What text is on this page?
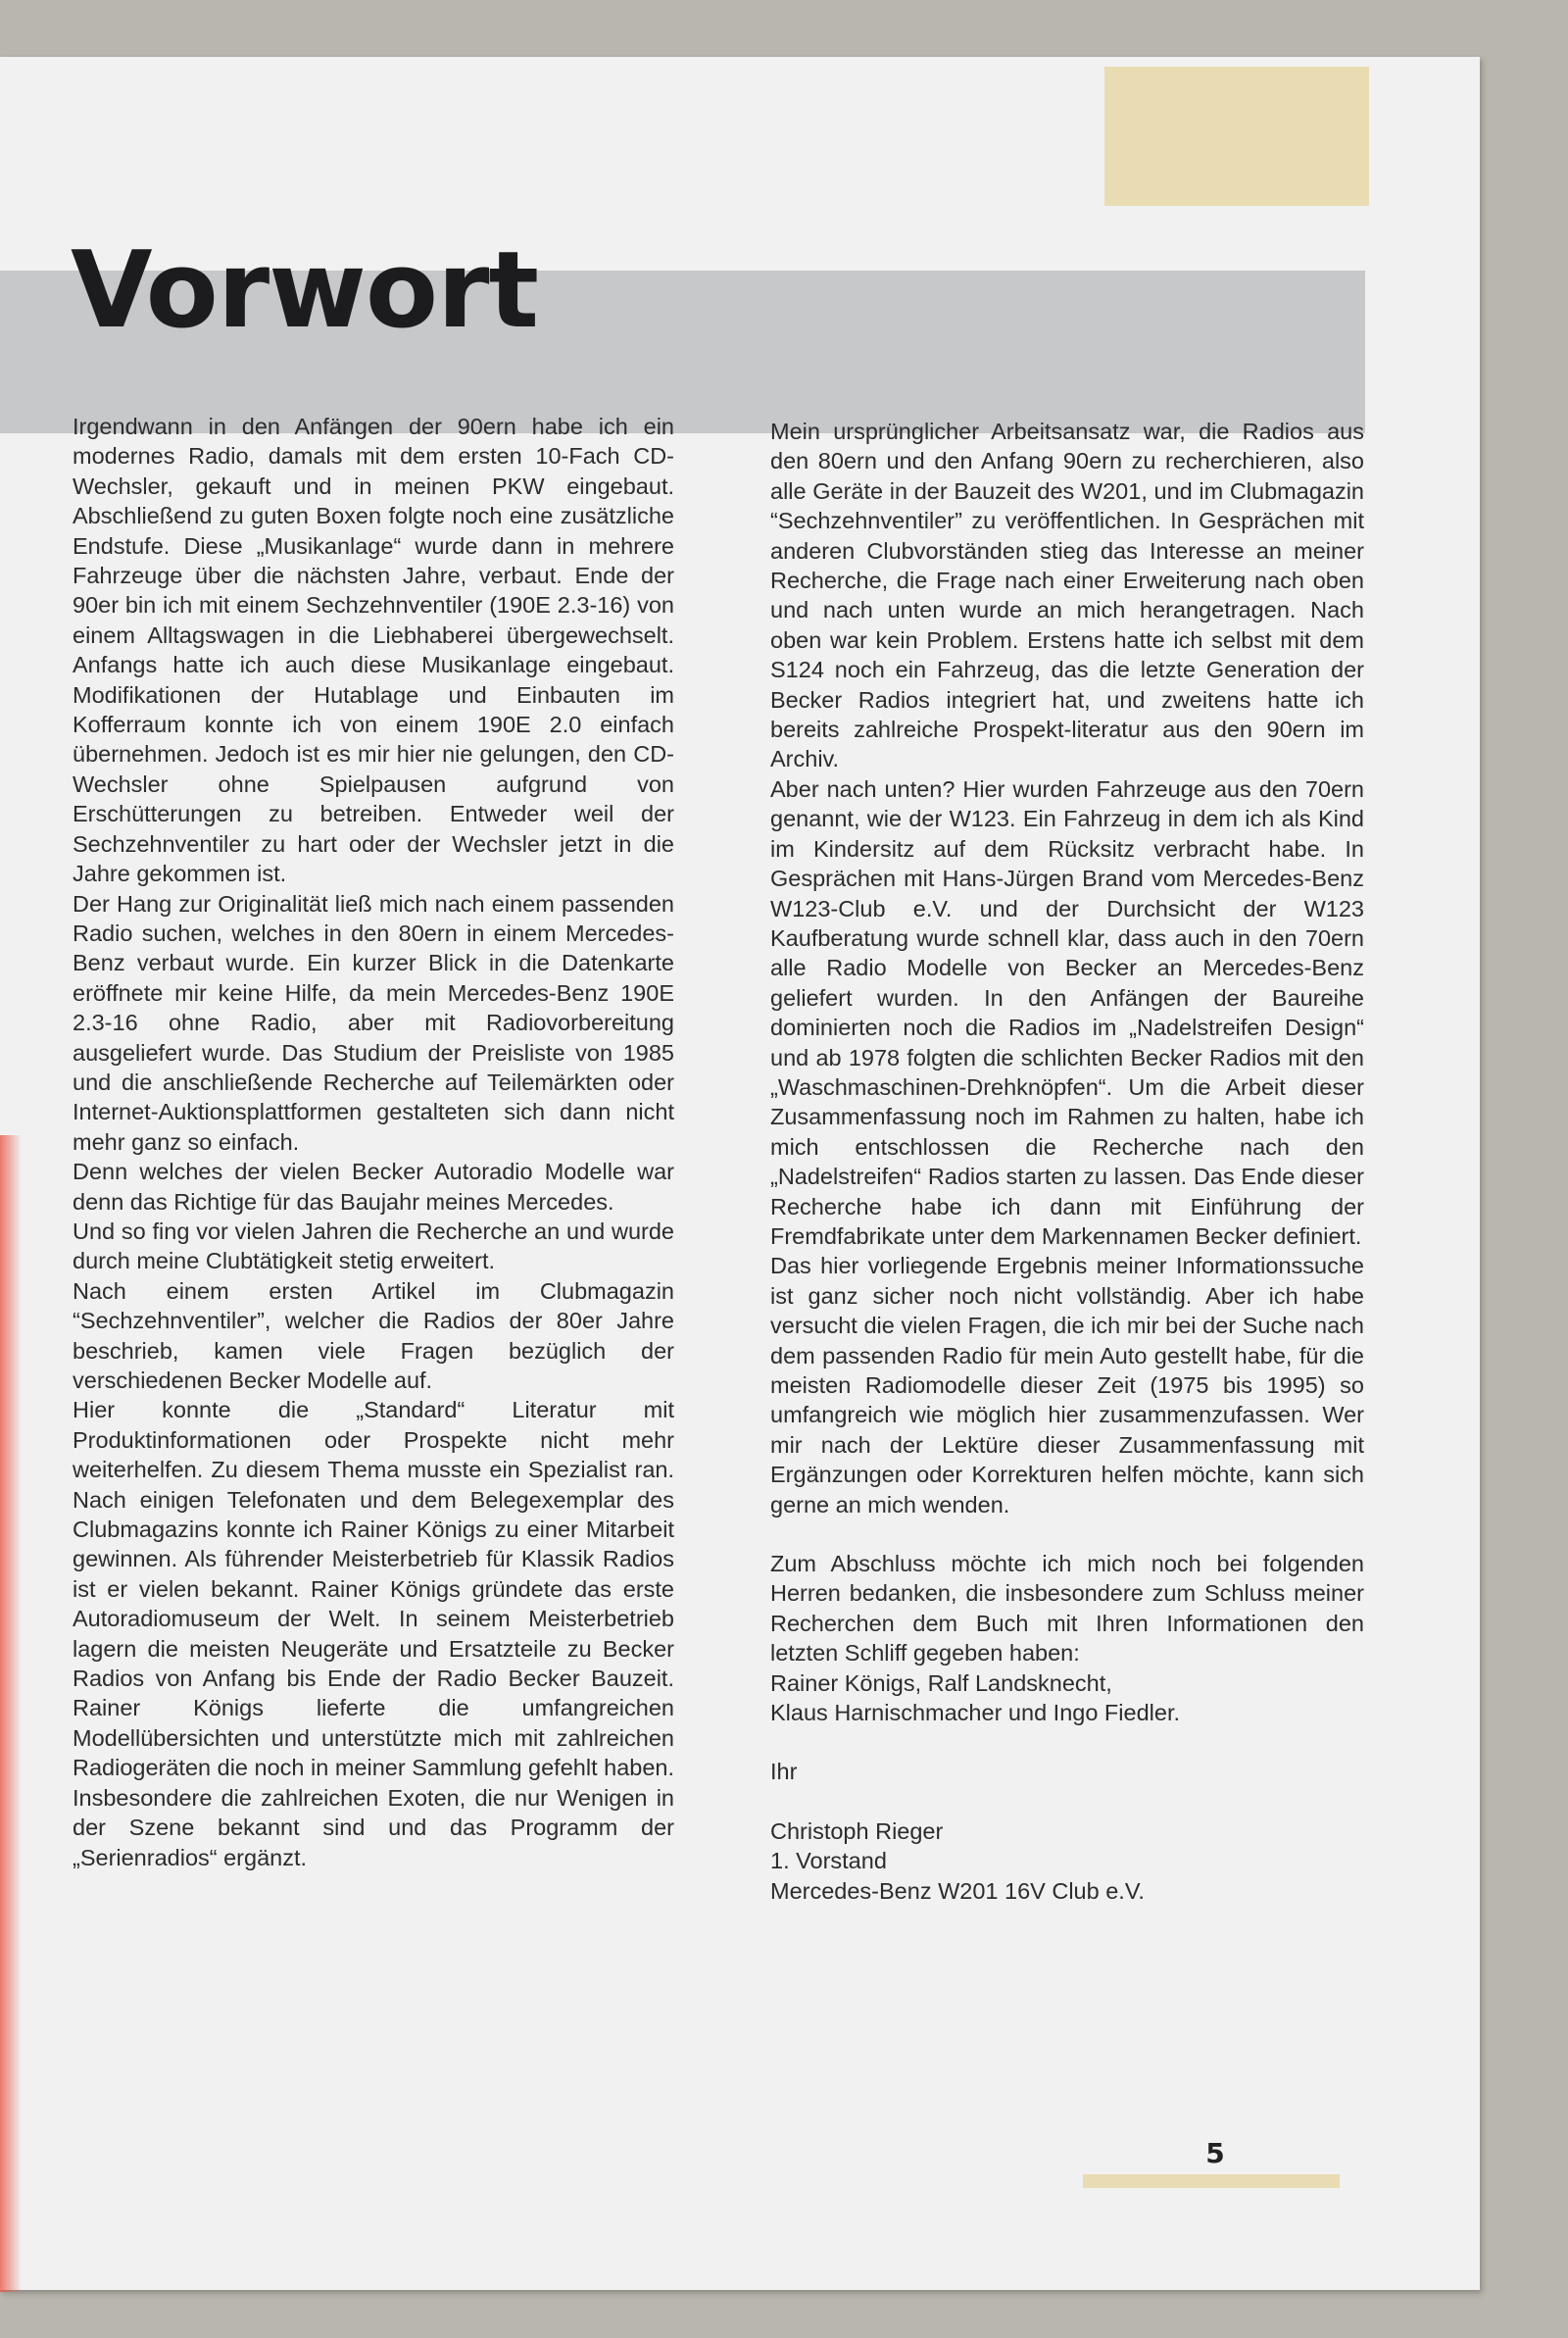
Vorwort

Irgendwann in den Anfängen der 90ern habe ich ein modernes Radio, damals mit dem ersten 10-Fach CD-Wechsler, gekauft und in meinen PKW eingebaut. Abschließend zu guten Boxen folgte noch eine zusätzliche Endstufe. Diese „Musikanlage“ wurde dann in mehrere Fahrzeuge über die nächsten Jahre, verbaut. Ende der 90er bin ich mit einem Sechzehnventiler (190E 2.3-16) von einem Alltagswagen in die Liebhaberei übergewechselt. Anfangs hatte ich auch diese Musikanlage eingebaut. Modifikationen der Hutablage und Einbauten im Kofferraum konnte ich von einem 190E 2.0 einfach übernehmen. Jedoch ist es mir hier nie gelungen, den CD-Wechsler ohne Spielpausen aufgrund von Erschütterungen zu betreiben. Entweder weil der Sechzehnventiler zu hart oder der Wechsler jetzt in die Jahre gekommen ist.

Der Hang zur Originalität ließ mich nach einem passenden Radio suchen, welches in den 80ern in einem Mercedes-Benz verbaut wurde. Ein kurzer Blick in die Datenkarte eröffnete mir keine Hilfe, da mein Mercedes-Benz 190E 2.3-16 ohne Radio, aber mit Radiovorbereitung ausgeliefert wurde. Das Studium der Preisliste von 1985 und die anschließende Recherche auf Teilemärkten oder Internet-Auktionsplattformen gestalteten sich dann nicht mehr ganz so einfach.

Denn welches der vielen Becker Autoradio Modelle war denn das Richtige für das Baujahr meines Mercedes.

Und so fing vor vielen Jahren die Recherche an und wurde durch meine Clubtätigkeit stetig erweitert.

Nach einem ersten Artikel im Clubmagazin “Sechzehnventiler”, welcher die Radios der 80er Jahre beschrieb, kamen viele Fragen bezüglich der verschiedenen Becker Modelle auf.

Hier konnte die „Standard“ Literatur mit Produktinformationen oder Prospekte nicht mehr weiterhelfen. Zu diesem Thema musste ein Spezialist ran. Nach einigen Telefonaten und dem Belegexemplar des Clubmagazins konnte ich Rainer Königs zu einer Mitarbeit gewinnen. Als führender Meisterbetrieb für Klassik Radios ist er vielen bekannt. Rainer Königs gründete das erste Autoradiomuseum der Welt. In seinem Meisterbetrieb lagern die meisten Neugeräte und Ersatzteile zu Becker Radios von Anfang bis Ende der Radio Becker Bauzeit. Rainer Königs lieferte die umfangreichen Modellübersichten und unterstützte mich mit zahlreichen Radiogeräten die noch in meiner Sammlung gefehlt haben. Insbesondere die zahlreichen Exoten, die nur Wenigen in der Szene bekannt sind und das Programm der „Serienradios“ ergänzt.

Mein ursprünglicher Arbeitsansatz war, die Radios aus den 80ern und den Anfang 90ern zu recherchieren, also alle Geräte in der Bauzeit des W201, und im Clubmagazin “Sechzehnventiler” zu veröffentlichen. In Gesprächen mit anderen Clubvorständen stieg das Interesse an meiner Recherche, die Frage nach einer Erweiterung nach oben und nach unten wurde an mich herangetragen. Nach oben war kein Problem. Erstens hatte ich selbst mit dem S124 noch ein Fahrzeug, das die letzte Generation der Becker Radios integriert hat, und zweitens hatte ich bereits zahlreiche Prospekt-literatur aus den 90ern im Archiv.

Aber nach unten? Hier wurden Fahrzeuge aus den 70ern genannt, wie der W123. Ein Fahrzeug in dem ich als Kind im Kindersitz auf dem Rücksitz verbracht habe. In Gesprächen mit Hans-Jürgen Brand vom Mercedes-Benz W123-Club e.V. und der Durchsicht der W123 Kaufberatung wurde schnell klar, dass auch in den 70ern alle Radio Modelle von Becker an Mercedes-Benz geliefert wurden. In den Anfängen der Baureihe dominierten noch die Radios im „Nadelstreifen Design“ und ab 1978 folgten die schlichten Becker Radios mit den „Waschmaschinen-Drehknöpfen“. Um die Arbeit dieser Zusammenfassung noch im Rahmen zu halten, habe ich mich entschlossen die Recherche nach den „Nadelstreifen“ Radios starten zu lassen. Das Ende dieser Recherche habe ich dann mit Einführung der Fremdfabrikate unter dem Markennamen Becker definiert.

Das hier vorliegende Ergebnis meiner Informationssuche ist ganz sicher noch nicht vollständig. Aber ich habe versucht die vielen Fragen, die ich mir bei der Suche nach dem passenden Radio für mein Auto gestellt habe, für die meisten Radiomodelle dieser Zeit (1975 bis 1995) so umfangreich wie möglich hier zusammenzufassen. Wer mir nach der Lektüre dieser Zusammenfassung mit Ergänzungen oder Korrekturen helfen möchte, kann sich gerne an mich wenden.

Zum Abschluss möchte ich mich noch bei folgenden Herren bedanken, die insbesondere zum Schluss meiner Recherchen dem Buch mit Ihren Informationen den letzten Schliff gegeben haben:

Rainer Königs, Ralf Landsknecht,

Klaus Harnischmacher und Ingo Fiedler.

Ihr

Christoph Rieger

1. Vorstand

Mercedes-Benz W201 16V Club e.V.

5
